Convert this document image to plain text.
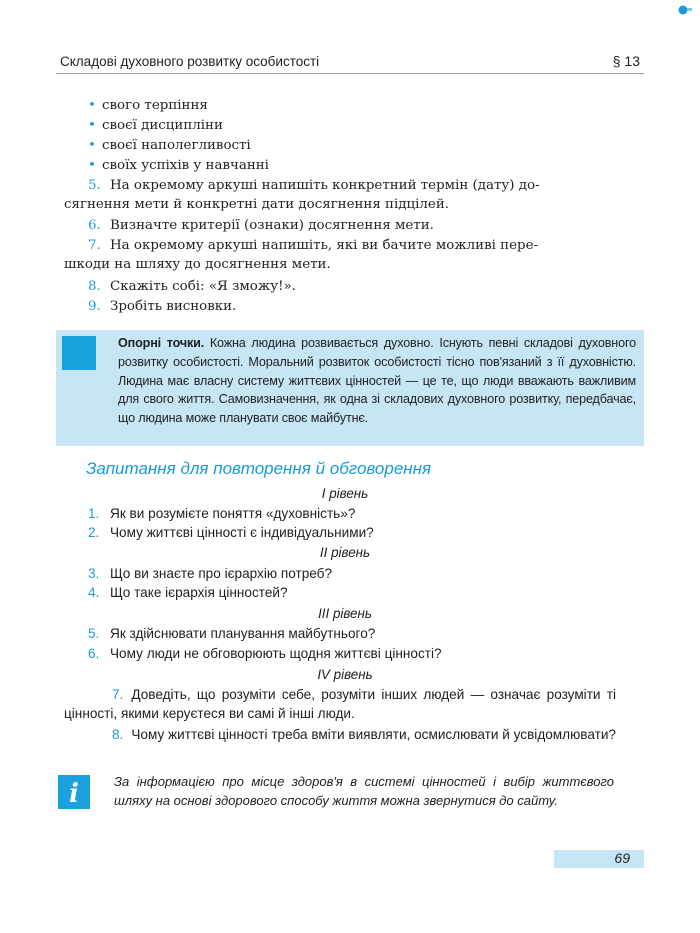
Складові духовного розвитку особистості	§ 13
• свого терпіння
• своєї дисципліни
• своєї наполегливості
• своїх успіхів у навчанні
5. На окремому аркуші напишіть конкретний термін (дату) до-
сягнення мети й конкретні дати досягнення підцілей.
6. Визначте критерії (ознаки) досягнення мети.
7. На окремому аркуші напишіть, які ви бачите можливі пере-
шкоди на шляху до досягнення мети.
8. Скажіть собі: «Я зможу!».
9. Зробіть висновки.
Опорні точки. Кожна людина розвивається духовно. Існують певні складові духовного розвитку особистості. Моральний розвиток особистості тісно пов'язаний з її духовністю. Людина має власну систему життєвих цінностей — це те, що люди вважають важливим для свого життя. Самовизначення, як одна зі складових духовного розвитку, передбачає, що людина може планувати своє майбутнє.
Запитання для повторення й обговорення
I рівень
1. Як ви розумієте поняття «духовність»?
2. Чому життєві цінності є індивідуальними?
II рівень
3. Що ви знаєте про ієрархію потреб?
4. Що таке ієрархія цінностей?
III рівень
5. Як здійснювати планування майбутнього?
6. Чому люди не обговорюють щодня життєві цінності?
IV рівень
7. Доведіть, що розуміти себе, розуміти інших людей — означає розуміти ті цінності, якими керуєтеся ви самі й інші люди.
8. Чому життєві цінності треба вміти виявляти, осмислювати й усвідомлювати?
i	За інформацією про місце здоров'я в системі цінностей і вибір життєвого шляху на основі здорового способу життя можна звернутися до сайту.
69
